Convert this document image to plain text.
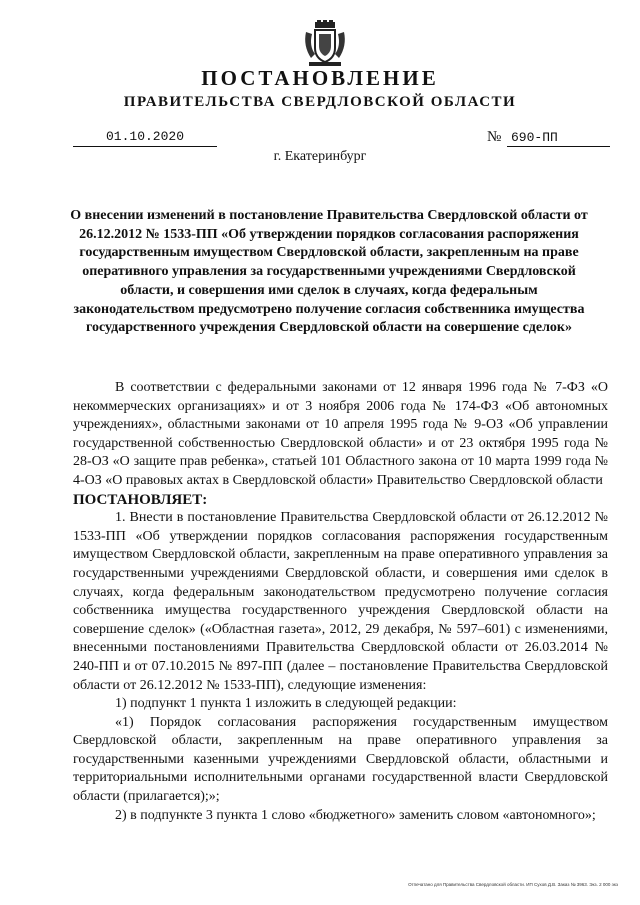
ПОСТАНОВЛЕНИЕ
ПРАВИТЕЛЬСТВА СВЕРДЛОВСКОЙ ОБЛАСТИ
01.10.2020	№ 690-ПП
г. Екатеринбург
О внесении изменений в постановление Правительства Свердловской области от 26.12.2012 № 1533-ПП «Об утверждении порядков согласования распоряжения государственным имуществом Свердловской области, закрепленным на праве оперативного управления за государственными учреждениями Свердловской области, и совершения ими сделок в случаях, когда федеральным законодательством предусмотрено получение согласия собственника имущества государственного учреждения Свердловской области на совершение сделок»

В соответствии с федеральными законами от 12 января 1996 года № 7-ФЗ «О некоммерческих организациях» и от 3 ноября 2006 года № 174-ФЗ «Об автономных учреждениях», областными законами от 10 апреля 1995 года № 9-ОЗ «Об управлении государственной собственностью Свердловской области» и от 23 октября 1995 года № 28-ОЗ «О защите прав ребенка», статьей 101 Областного закона от 10 марта 1999 года № 4-ОЗ «О правовых актах в Свердловской области» Правительство Свердловской области

ПОСТАНОВЛЯЕТ:

1. Внести в постановление Правительства Свердловской области от 26.12.2012 № 1533-ПП «Об утверждении порядков согласования распоряжения государственным имуществом Свердловской области, закрепленным на праве оперативного управления за государственными учреждениями Свердловской области, и совершения ими сделок в случаях, когда федеральным законодательством предусмотрено получение согласия собственника имущества государственного учреждения Свердловской области на совершение сделок» («Областная газета», 2012, 29 декабря, № 597–601) с изменениями, внесенными постановлениями Правительства Свердловской области от 26.03.2014 № 240-ПП и от 07.10.2015 № 897-ПП (далее – постановление Правительства Свердловской области от 26.12.2012 № 1533-ПП), следующие изменения:

1) подпункт 1 пункта 1 изложить в следующей редакции:

«1) Порядок согласования распоряжения государственным имуществом Свердловской области, закрепленным на праве оперативного управления за государственными казенными учреждениями Свердловской области, областными и территориальными исполнительными органами государственной власти Свердловской области (прилагается);»;

2) в подпункте 3 пункта 1 слово «бюджетного» заменить словом «автономного»;

Отпечатано для Правительства Свердловской области. ИП Сухов Д.В. Заказ № 3963. Экз. 2 000 экз
